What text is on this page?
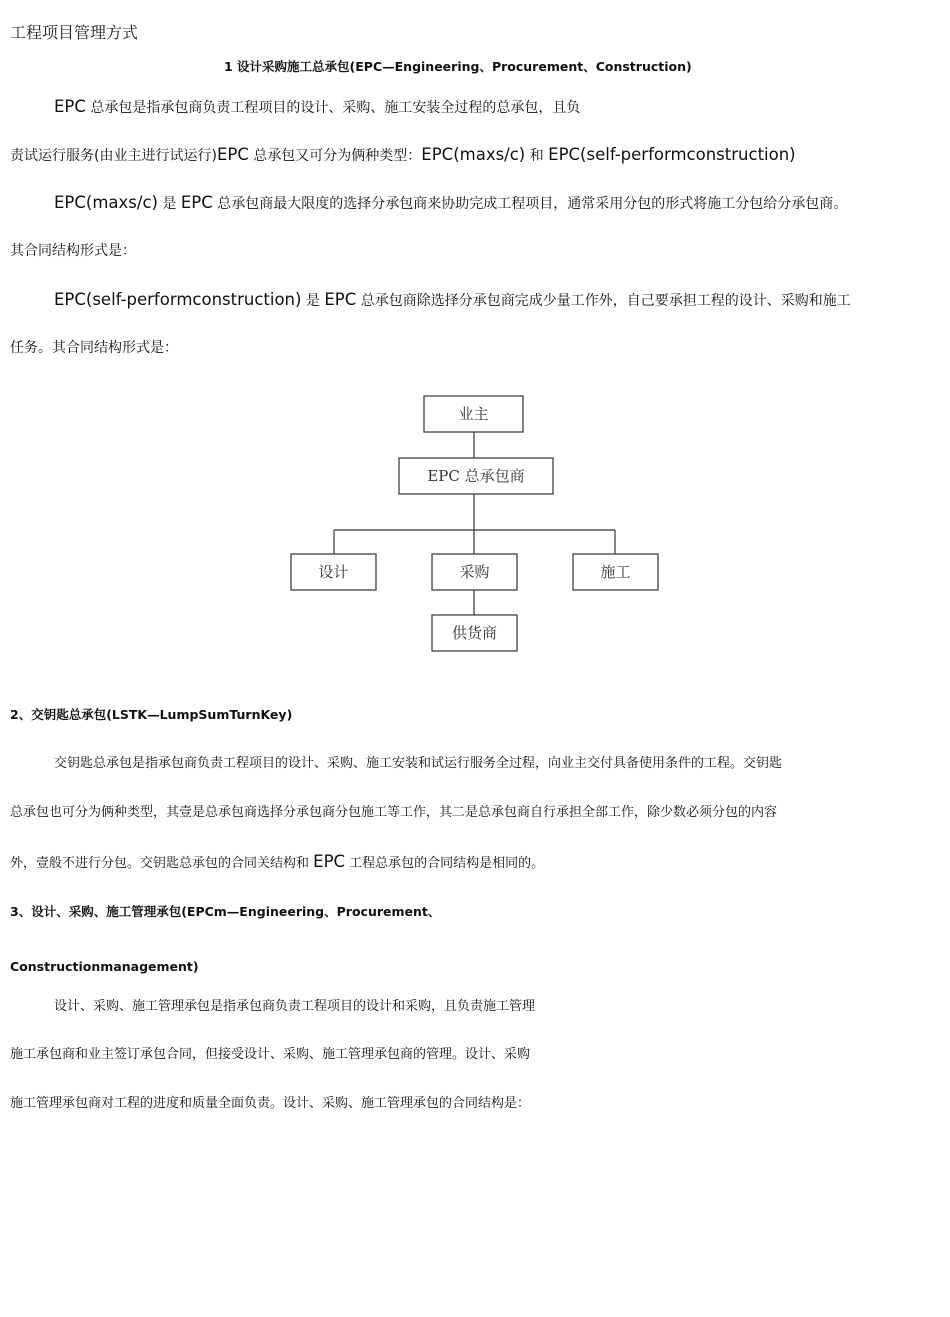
工程项目管理方式
1 设计采购施工总承包(EPC—Engineering、Procurement、Construction)
EPC 总承包是指承包商负责工程项目的设计、采购、施工安装全过程的总承包，且负
责试运行服务(由业主进行试运行)EPC 总承包又可分为俩种类型：EPC(maxs/c) 和 EPC(self-performconstruction)
EPC(maxs/c) 是 EPC 总承包商最大限度的选择分承包商来协助完成工程项目，通常采用分包的形式将施工分包给分承包商。
其合同结构形式是：
EPC(self-performconstruction) 是 EPC 总承包商除选择分承包商完成少量工作外，自己要承担工程的设计、采购和施工
任务。其合同结构形式是：
业主
EPC 总承包商
设计	采购	施工
供货商
2、交钥匙总承包(LSTK—LumpSumTurnKey)
交钥匙总承包是指承包商负责工程项目的设计、采购、施工安装和试运行服务全过程，向业主交付具备使用条件的工程。交钥匙
总承包也可分为俩种类型，其壹是总承包商选择分承包商分包施工等工作，其二是总承包商自行承担全部工作，除少数必须分包的内容
外，壹般不进行分包。交钥匙总承包的合同关结构和 EPC 工程总承包的合同结构是相同的。
3、设计、采购、施工管理承包(EPCm—Engineering、Procurement、
Constructionmanagement)
设计、采购、施工管理承包是指承包商负责工程项目的设计和采购，且负责施工管理
施工承包商和业主签订承包合同，但接受设计、采购、施工管理承包商的管理。设计、采购
施工管理承包商对工程的进度和质量全面负责。设计、采购、施工管理承包的合同结构是：
